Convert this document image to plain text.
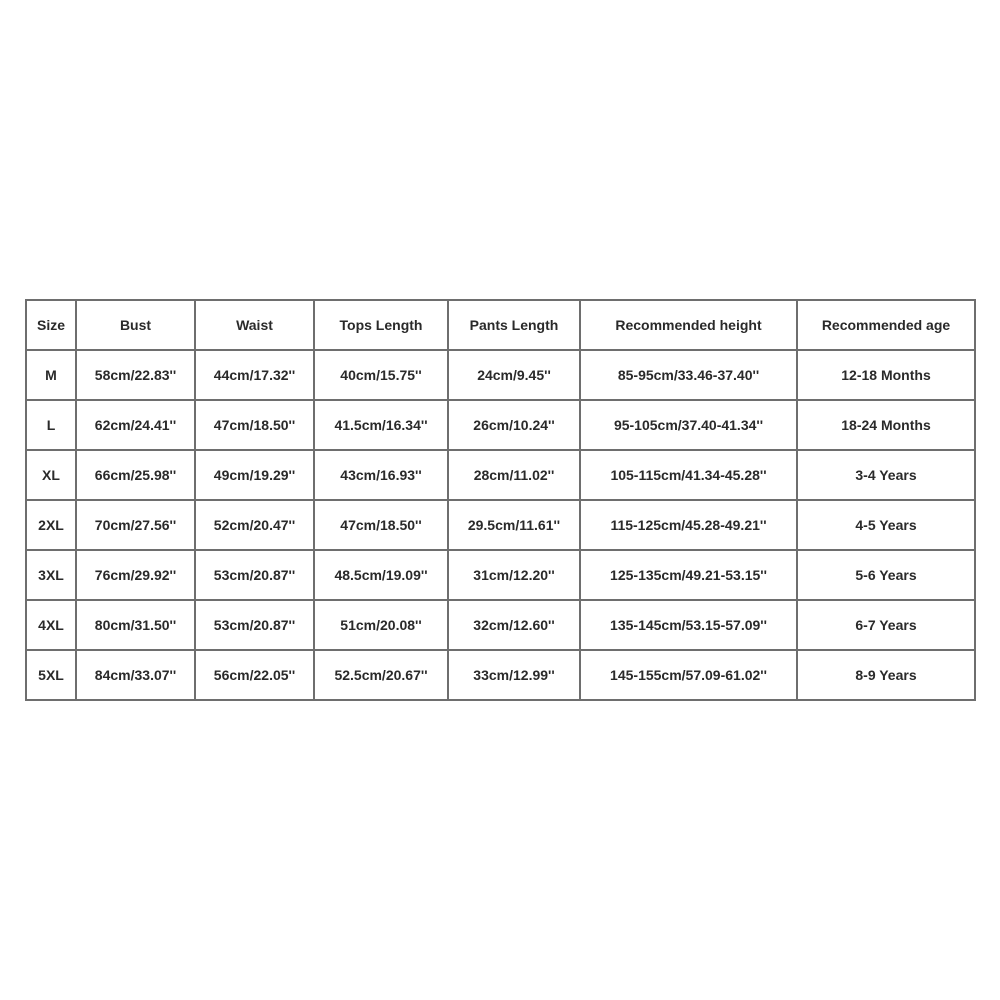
Size	Bust	Waist	Tops Length	Pants Length	Recommended height	Recommended age
M	58cm/22.83''	44cm/17.32''	40cm/15.75''	24cm/9.45''	85-95cm/33.46-37.40''	12-18 Months
L	62cm/24.41''	47cm/18.50''	41.5cm/16.34''	26cm/10.24''	95-105cm/37.40-41.34''	18-24 Months
XL	66cm/25.98''	49cm/19.29''	43cm/16.93''	28cm/11.02''	105-115cm/41.34-45.28''	3-4 Years
2XL	70cm/27.56''	52cm/20.47''	47cm/18.50''	29.5cm/11.61''	115-125cm/45.28-49.21''	4-5 Years
3XL	76cm/29.92''	53cm/20.87''	48.5cm/19.09''	31cm/12.20''	125-135cm/49.21-53.15''	5-6 Years
4XL	80cm/31.50''	53cm/20.87''	51cm/20.08''	32cm/12.60''	135-145cm/53.15-57.09''	6-7 Years
5XL	84cm/33.07''	56cm/22.05''	52.5cm/20.67''	33cm/12.99''	145-155cm/57.09-61.02''	8-9 Years
